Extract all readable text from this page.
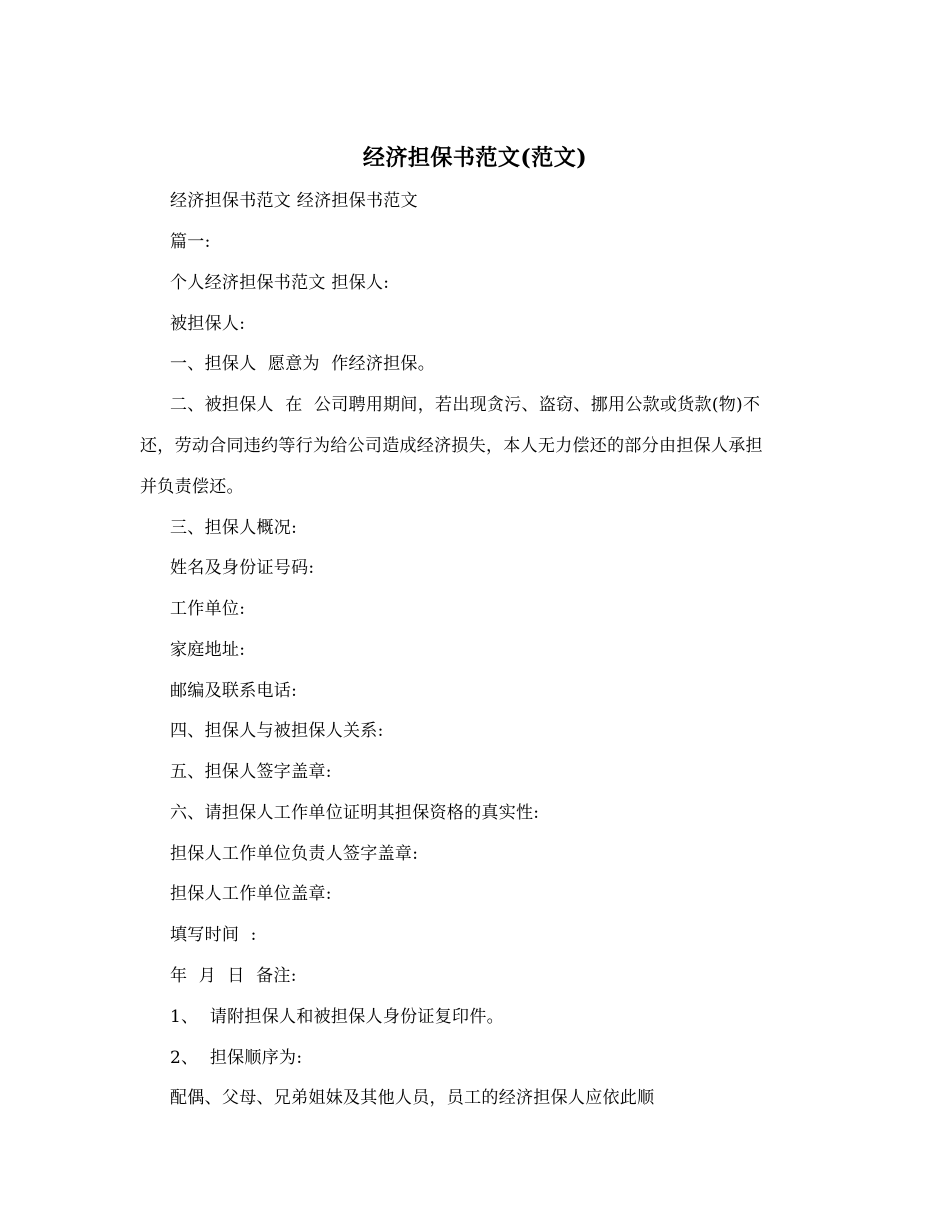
经济担保书范文(范文)
经济担保书范文 经济担保书范文
篇一:
个人经济担保书范文 担保人:
被担保人:
一、担保人  愿意为  作经济担保。
二、被担保人  在  公司聘用期间，若出现贪污、盗窃、挪用公款或货款(物)不
还，劳动合同违约等行为给公司造成经济损失，本人无力偿还的部分由担保人承担
并负责偿还。
三、担保人概况:
姓名及身份证号码:
工作单位:
家庭地址:
邮编及联系电话:
四、担保人与被担保人关系:
五、担保人签字盖章:
六、请担保人工作单位证明其担保资格的真实性:
担保人工作单位负责人签字盖章:
担保人工作单位盖章:
填写时间  :
年  月  日  备注:
1、  请附担保人和被担保人身份证复印件。
2、  担保顺序为:
配偶、父母、兄弟姐妹及其他人员，员工的经济担保人应依此顺
